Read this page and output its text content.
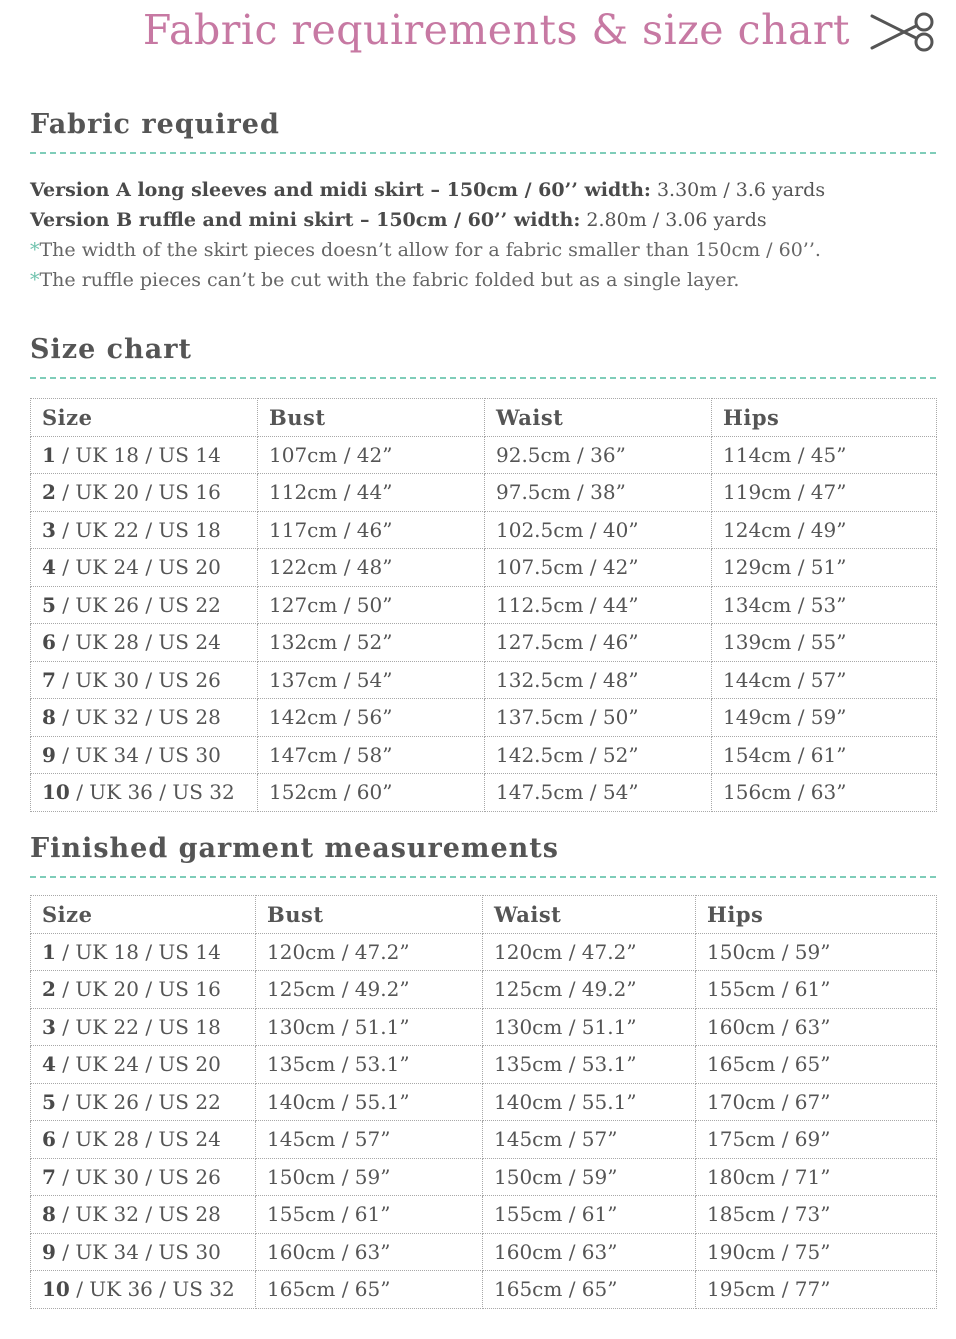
Fabric requirements & size chart
Fabric required
Version A long sleeves and midi skirt – 150cm / 60’’ width: 3.30m / 3.6 yards
Version B ruffle and mini skirt – 150cm / 60’’ width: 2.80m / 3.06 yards
*The width of the skirt pieces doesn’t allow for a fabric smaller than 150cm / 60’’.
*The ruffle pieces can’t be cut with the fabric folded but as a single layer.
Size chart
Size	Bust	Waist	Hips
1 / UK 18 / US 14	107cm / 42”	92.5cm / 36”	114cm / 45”
2 / UK 20 / US 16	112cm / 44”	97.5cm / 38”	119cm / 47”
3 / UK 22 / US 18	117cm / 46”	102.5cm / 40”	124cm / 49”
4 / UK 24 / US 20	122cm / 48”	107.5cm / 42”	129cm / 51”
5 / UK 26 / US 22	127cm / 50”	112.5cm / 44”	134cm / 53”
6 / UK 28 / US 24	132cm / 52”	127.5cm / 46”	139cm / 55”
7 / UK 30 / US 26	137cm / 54”	132.5cm / 48”	144cm / 57”
8 / UK 32 / US 28	142cm / 56”	137.5cm / 50”	149cm / 59”
9 / UK 34 / US 30	147cm / 58”	142.5cm / 52”	154cm / 61”
10 / UK 36 / US 32	152cm / 60”	147.5cm / 54”	156cm / 63”
Finished garment measurements
Size	Bust	Waist	Hips
1 / UK 18 / US 14	120cm / 47.2”	120cm / 47.2”	150cm / 59”
2 / UK 20 / US 16	125cm / 49.2”	125cm / 49.2”	155cm / 61”
3 / UK 22 / US 18	130cm / 51.1”	130cm / 51.1”	160cm / 63”
4 / UK 24 / US 20	135cm / 53.1”	135cm / 53.1”	165cm / 65”
5 / UK 26 / US 22	140cm / 55.1”	140cm / 55.1”	170cm / 67”
6 / UK 28 / US 24	145cm / 57”	145cm / 57”	175cm / 69”
7 / UK 30 / US 26	150cm / 59”	150cm / 59”	180cm / 71”
8 / UK 32 / US 28	155cm / 61”	155cm / 61”	185cm / 73”
9 / UK 34 / US 30	160cm / 63”	160cm / 63”	190cm / 75”
10 / UK 36 / US 32	165cm / 65”	165cm / 65”	195cm / 77”
